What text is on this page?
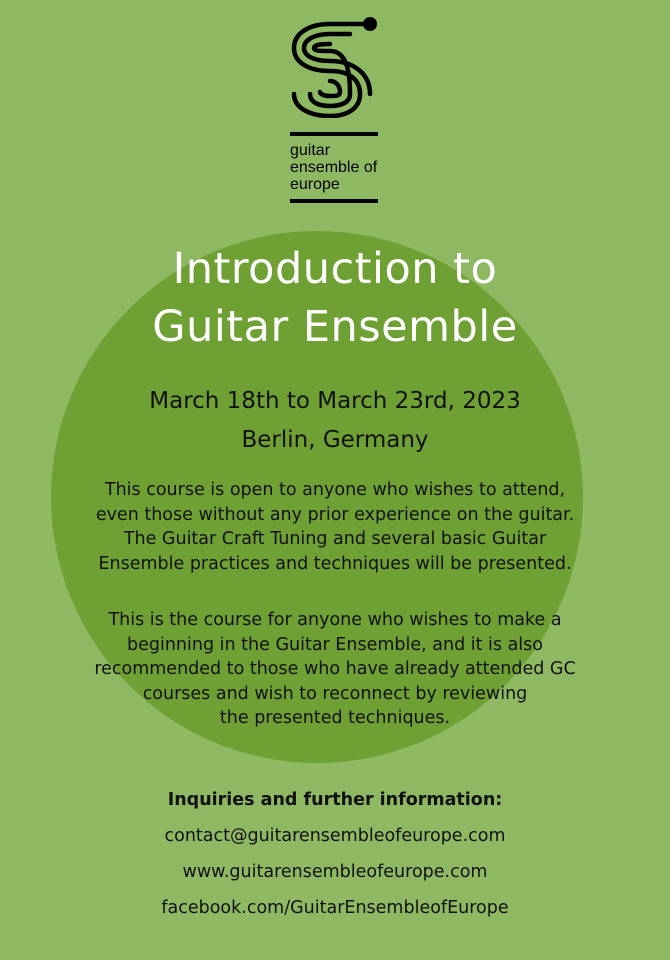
guitar
ensemble of
europe
Introduction to
Guitar Ensemble
March 18th to March 23rd, 2023
Berlin, Germany
This course is open to anyone who wishes to attend,
even those without any prior experience on the guitar.
The Guitar Craft Tuning and several basic Guitar
Ensemble practices and techniques will be presented.
This is the course for anyone who wishes to make a
beginning in the Guitar Ensemble, and it is also
recommended to those who have already attended GC
courses and wish to reconnect by reviewing
the presented techniques.
Inquiries and further information:
contact@guitarensembleofeurope.com
www.guitarensembleofeurope.com
facebook.com/GuitarEnsembleofEurope
